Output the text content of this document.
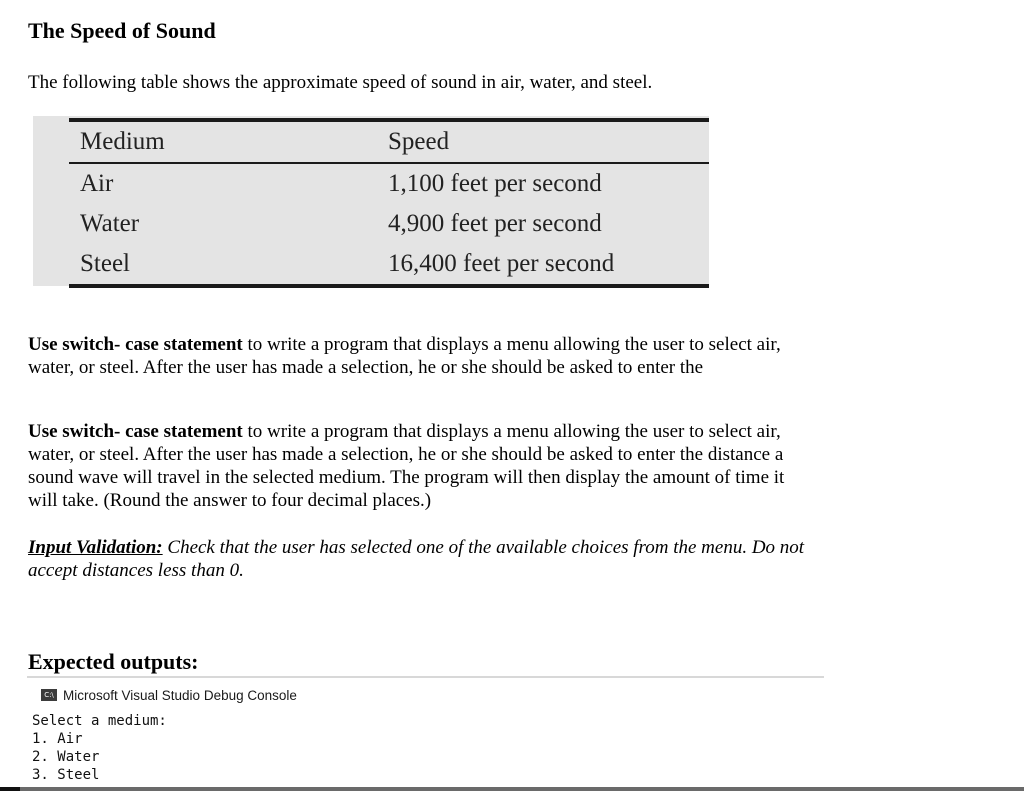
The Speed of Sound

The following table shows the approximate speed of sound in air, water, and steel.

Medium	Speed
Air	1,100 feet per second
Water	4,900 feet per second
Steel	16,400 feet per second

Use switch- case statement to write a program that displays a menu allowing the user to select air, water, or steel. After the user has made a selection, he or she should be asked to enter the

Use switch- case statement to write a program that displays a menu allowing the user to select air, water, or steel. After the user has made a selection, he or she should be asked to enter the distance a sound wave will travel in the selected medium. The program will then display the amount of time it will take. (Round the answer to four decimal places.)

Input Validation: Check that the user has selected one of the available choices from the menu. Do not accept distances less than 0.

Expected outputs:
C:\ Microsoft Visual Studio Debug Console
Select a medium:
1. Air
2. Water
3. Steel
